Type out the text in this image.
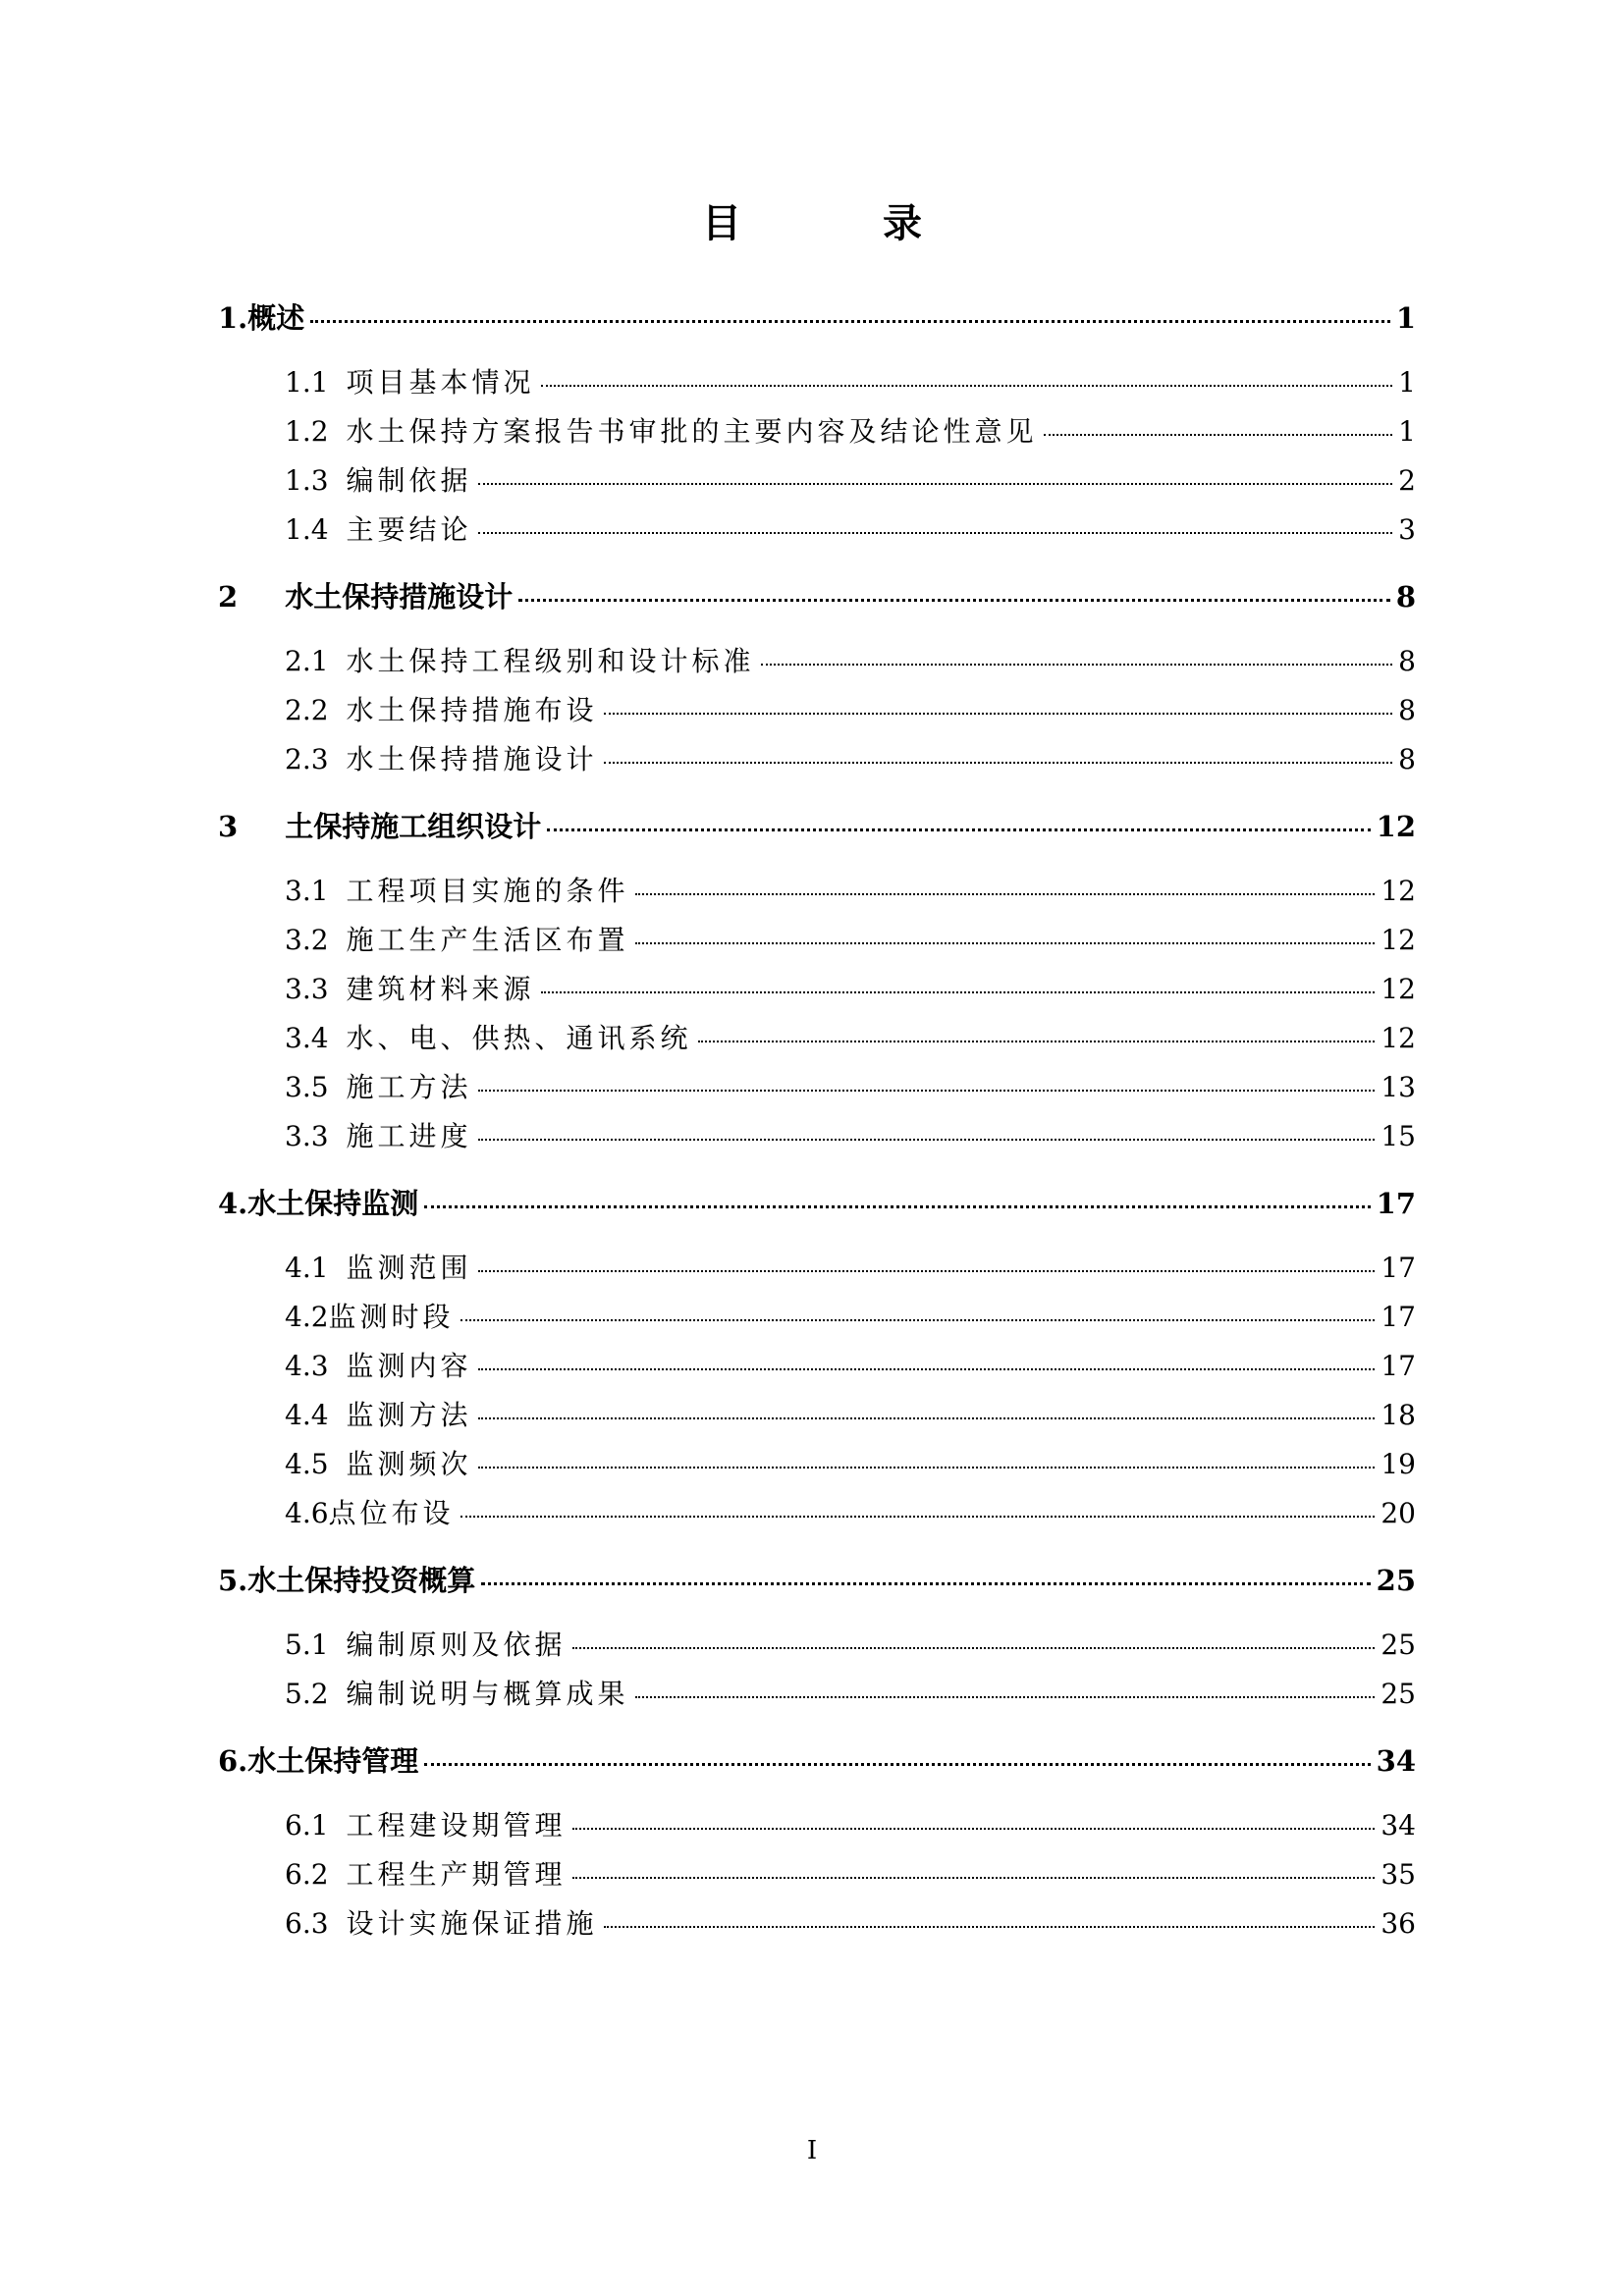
目　录
1. 概述	1
1.1 项目基本情况	1
1.2 水土保持方案报告书审批的主要内容及结论性意见	1
1.3 编制依据	2
1.4 主要结论	3
2 水土保持措施设计	8
2.1 水土保持工程级别和设计标准	8
2.2 水土保持措施布设	8
2.3 水土保持措施设计	8
3 土保持施工组织设计	12
3.1 工程项目实施的条件	12
3.2 施工生产生活区布置	12
3.3 建筑材料来源	12
3.4 水、电、供热、通讯系统	12
3.5 施工方法	13
3.3 施工进度	15
4. 水土保持监测	17
4.1 监测范围	17
4.2 监测时段	17
4.3 监测内容	17
4.4 监测方法	18
4.5 监测频次	19
4.6 点位布设	20
5. 水土保持投资概算	25
5.1 编制原则及依据	25
5.2 编制说明与概算成果	25
6. 水土保持管理	34
6.1 工程建设期管理	34
6.2 工程生产期管理	35
6.3 设计实施保证措施	36
I
